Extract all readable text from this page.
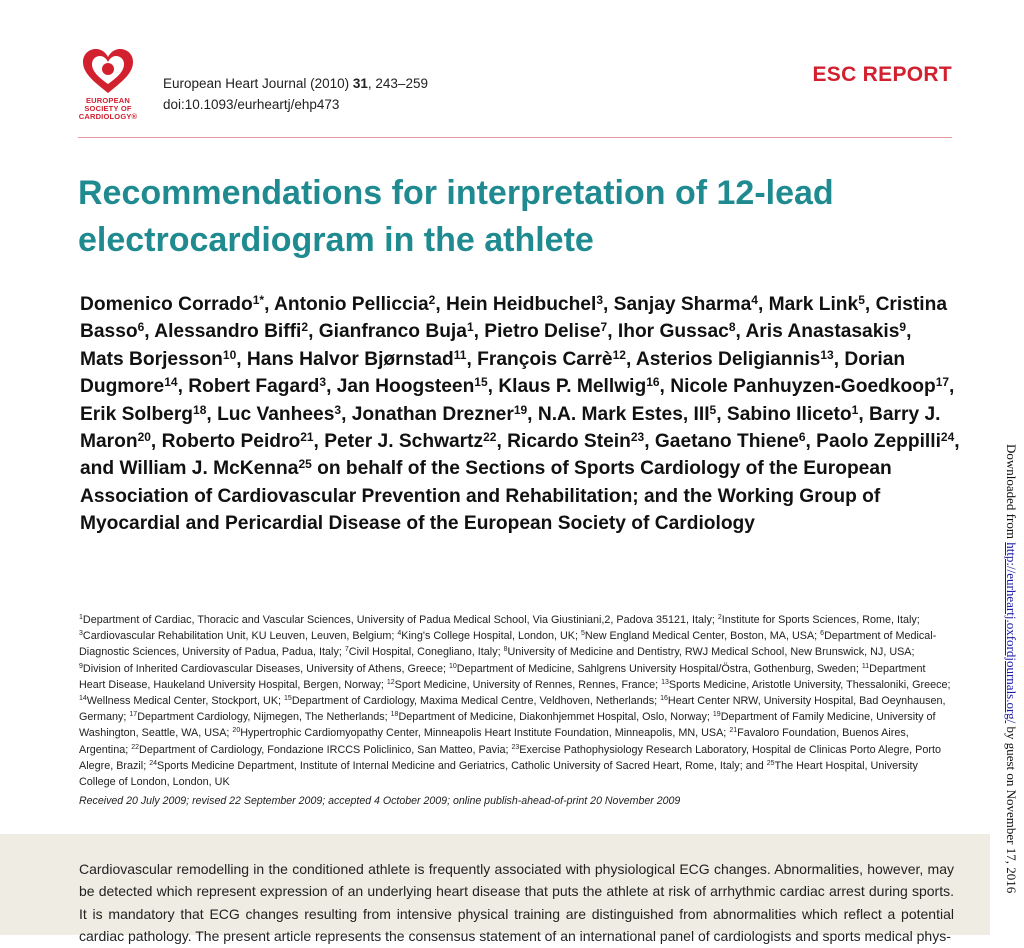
EUROPEAN
SOCIETY OF
CARDIOLOGY®
European Heart Journal (2010) 31, 243–259
doi:10.1093/eurheartj/ehp473
ESC REPORT
Recommendations for interpretation of 12-lead electrocardiogram in the athlete

Domenico Corrado$^{1*}$, Antonio Pelliccia$^2$, Hein Heidbuchel$^3$, Sanjay Sharma$^4$, Mark Link$^5$, Cristina Basso$^6$, Alessandro Biffi$^2$, Gianfranco Buja$^1$, Pietro Delise$^7$, Ihor Gussac$^8$, Aris Anastasakis$^9$, Mats Borjesson$^{10}$, Hans Halvor Bjørnstad$^{11}$, François Carrè$^{12}$, Asterios Deligiannis$^{13}$, Dorian Dugmore$^{14}$, Robert Fagard$^3$, Jan Hoogsteen$^{15}$, Klaus P. Mellwig$^{16}$, Nicole Panhuyzen-Goedkoop$^{17}$, Erik Solberg$^{18}$, Luc Vanhees$^3$, Jonathan Drezner$^{19}$, N.A. Mark Estes, III$^5$, Sabino Iliceto$^1$, Barry J. Maron$^{20}$, Roberto Peidro$^{21}$, Peter J. Schwartz$^{22}$, Ricardo Stein$^{23}$, Gaetano Thiene$^6$, Paolo Zeppilli$^{24}$, and William J. McKenna$^{25}$ on behalf of the Sections of Sports Cardiology of the European Association of Cardiovascular Prevention and Rehabilitation; and the Working Group of Myocardial and Pericardial Disease of the European Society of Cardiology

$^1$Department of Cardiac, Thoracic and Vascular Sciences, University of Padua Medical School, Via Giustiniani,2, Padova 35121, Italy; $^2$Institute for Sports Sciences, Rome, Italy; $^3$Cardiovascular Rehabilitation Unit, KU Leuven, Leuven, Belgium; $^4$King's College Hospital, London, UK; $^5$New England Medical Center, Boston, MA, USA; $^6$Department of Medical-Diagnostic Sciences, University of Padua, Padua, Italy; $^7$Civil Hospital, Conegliano, Italy; $^8$University of Medicine and Dentistry, RWJ Medical School, New Brunswick, NJ, USA; $^9$Division of Inherited Cardiovascular Diseases, University of Athens, Greece; $^{10}$Department of Medicine, Sahlgrens University Hospital/Östra, Gothenburg, Sweden; $^{11}$Department Heart Disease, Haukeland University Hospital, Bergen, Norway; $^{12}$Sport Medicine, University of Rennes, Rennes, France; $^{13}$Sports Medicine, Aristotle University, Thessaloniki, Greece; $^{14}$Wellness Medical Center, Stockport, UK; $^{15}$Department of Cardiology, Maxima Medical Centre, Veldhoven, Netherlands; $^{16}$Heart Center NRW, University Hospital, Bad Oeynhausen, Germany; $^{17}$Department Cardiology, Nijmegen, The Netherlands; $^{18}$Department of Medicine, Diakonhjemmet Hospital, Oslo, Norway; $^{19}$Department of Family Medicine, University of Washington, Seattle, WA, USA; $^{20}$Hypertrophic Cardiomyopathy Center, Minneapolis Heart Institute Foundation, Minneapolis, MN, USA; $^{21}$Favaloro Foundation, Buenos Aires, Argentina; $^{22}$Department of Cardiology, Fondazione IRCCS Policlinico, San Matteo, Pavia; $^{23}$Exercise Pathophysiology Research Laboratory, Hospital de Clinicas Porto Alegre, Porto Alegre, Brazil; $^{24}$Sports Medicine Department, Institute of Internal Medicine and Geriatrics, Catholic University of Sacred Heart, Rome, Italy; and $^{25}$The Heart Hospital, University College of London, London, UK

Received 20 July 2009; revised 22 September 2009; accepted 4 October 2009; online publish-ahead-of-print 20 November 2009

Cardiovascular remodelling in the conditioned athlete is frequently associated with physiological ECG changes. Abnormalities, however, may be detected which represent expression of an underlying heart disease that puts the athlete at risk of arrhythmic cardiac arrest during sports. It is mandatory that ECG changes resulting from intensive physical training are distinguished from abnormalities which reflect a potential cardiac pathology. The present article represents the consensus statement of an international panel of cardiologists and sports medical phys-

Downloaded from http://eurheartj.oxfordjournals.org/ by guest on November 17, 2016
